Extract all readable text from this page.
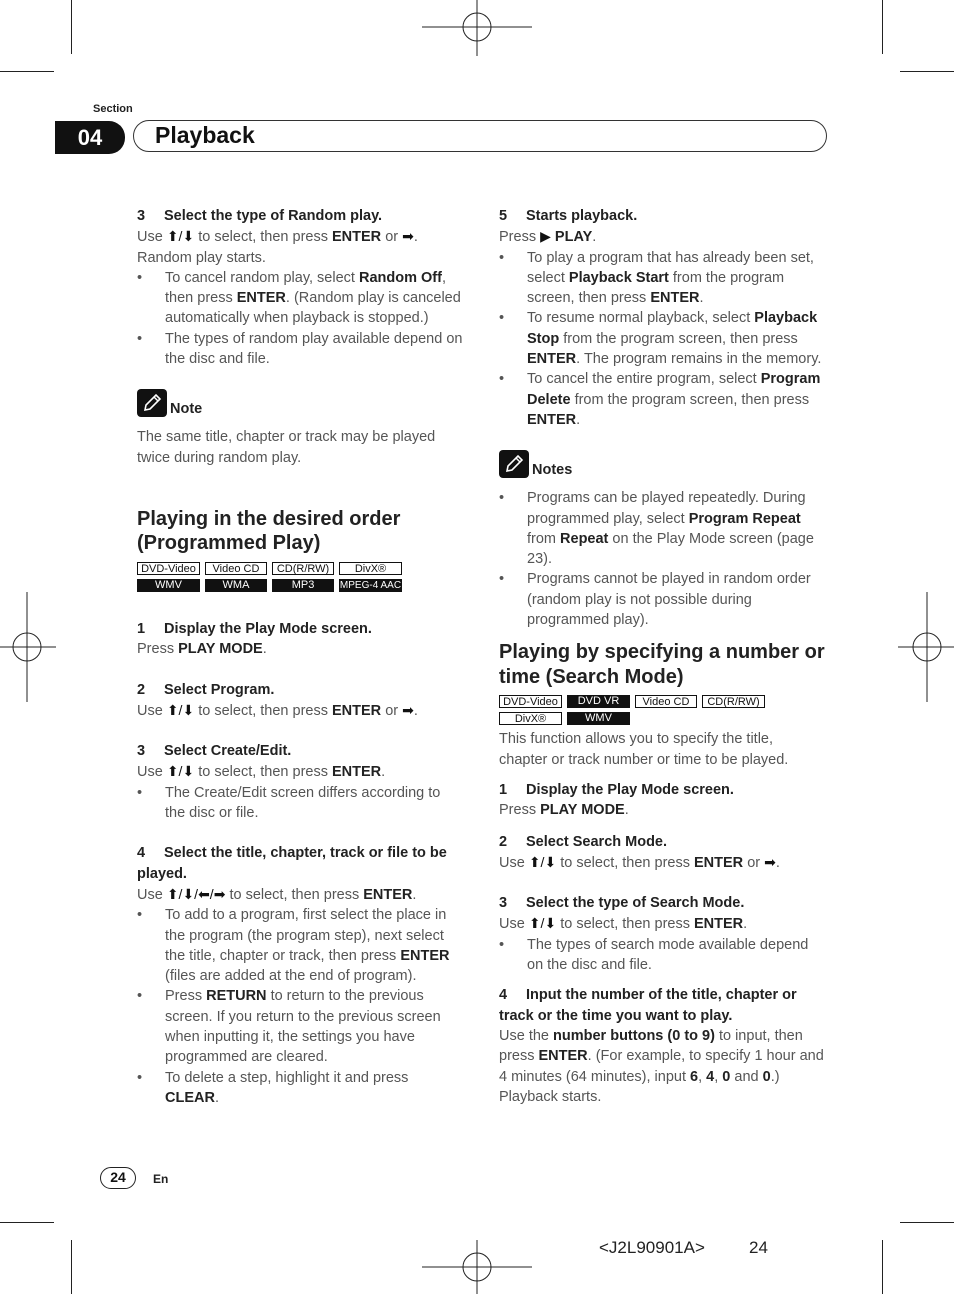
Section
04	Playback

3 Select the type of Random play.

Use ⬆/⬇ to select, then press ENTER or ➡.

Random play starts.

• To cancel random play, select Random Off, then press ENTER. (Random play is canceled automatically when playback is stopped.)
• The types of random play available depend on the disc and file.
Note

The same title, chapter or track may be played twice during random play.

Playing in the desired order (Programmed Play)

DVD-Video	Video CD	CD(R/RW)	DivX®
WMV	WMA	MP3	MPEG-4 AAC

1 Display the Play Mode screen.

Press PLAY MODE.

2 Select Program.

Use ⬆/⬇ to select, then press ENTER or ➡.

3 Select Create/Edit.

Use ⬆/⬇ to select, then press ENTER.

• The Create/Edit screen differs according to the disc or file.

4 Select the title, chapter, track or file to be played.

Use ⬆/⬇/⬅/➡ to select, then press ENTER.

• To add to a program, first select the place in the program (the program step), next select the title, chapter or track, then press ENTER (files are added at the end of program).
• Press RETURN to return to the previous screen. If you return to the previous screen when inputting it, the settings you have programmed are cleared.
• To delete a step, highlight it and press CLEAR.

5 Starts playback.

Press ▶ PLAY.

• To play a program that has already been set, select Playback Start from the program screen, then press ENTER.
• To resume normal playback, select Playback Stop from the program screen, then press ENTER. The program remains in the memory.
• To cancel the entire program, select Program Delete from the program screen, then press ENTER.
Notes
• Programs can be played repeatedly. During programmed play, select Program Repeat from Repeat on the Play Mode screen (page 23).
• Programs cannot be played in random order (random play is not possible during programmed play).

Playing by specifying a number or time (Search Mode)

DVD-Video	DVD VR	Video CD	CD(R/RW)
DivX®	WMV

This function allows you to specify the title, chapter or track number or time to be played.

1 Display the Play Mode screen.

Press PLAY MODE.

2 Select Search Mode.

Use ⬆/⬇ to select, then press ENTER or ➡.

3 Select the type of Search Mode.

Use ⬆/⬇ to select, then press ENTER.

• The types of search mode available depend on the disc and file.

4 Input the number of the title, chapter or track or the time you want to play.

Use the number buttons (0 to 9) to input, then press ENTER. (For example, to specify 1 hour and 4 minutes (64 minutes), input 6, 4, 0 and 0.)

Playback starts.

24	En
<J2L90901A>	24
